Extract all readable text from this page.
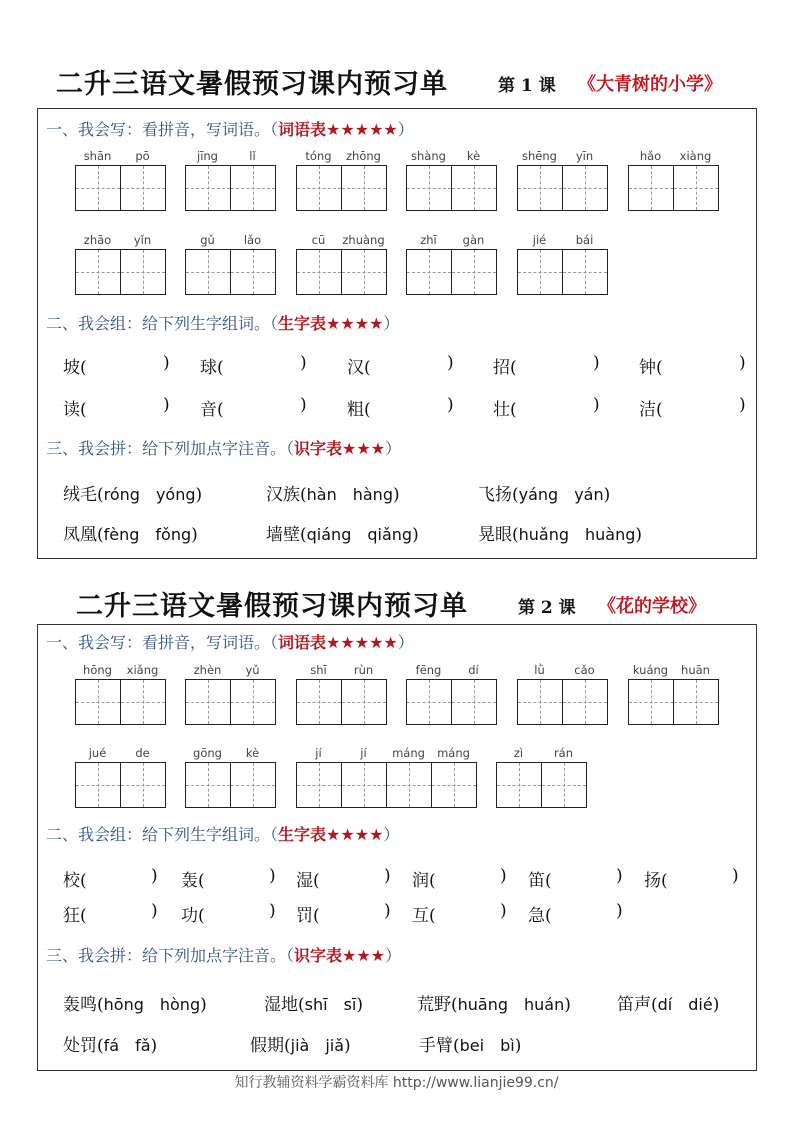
二升三语文暑假预习课内预习单	第 1 课 《大青树的小学》
一、我会写：看拼音，写词语。（词语表★★★★★）
shān	pō	jīng	lǐ	tóng	zhōng	shàng	kè	shēng	yīn	hǎo	xiàng
zhāo	yǐn	gǔ	lǎo	cū	zhuàng	zhī	gàn	jié	bái
二、我会组：给下列生字组词。（生字表★★★★）
坡(	) 球(	) 汉(	) 招(	) 钟(	)
读(	) 音(	) 粗(	) 壮(	) 洁(	)
三、我会拼：给下列加点字注音。（识字表★★★）
绒毛(róng　yóng)	汉族(hàn　hàng)	飞扬(yáng　yán)
凤凰(fèng　fǒng)	墙壁(qiáng　qiǎng)	晃眼(huǎng　huàng)
二升三语文暑假预习课内预习单	第 2 课 《花的学校》
一、我会写：看拼音，写词语。（词语表★★★★★）
hōng	xiǎng	zhèn	yǔ	shī	rùn	fēng	dí	lǜ	cǎo	kuáng	huān
jué	de	gōng	kè	jí	jí	máng	máng	zì	rán
二、我会组：给下列生字组词。（生字表★★★★）
校(	) 轰(	) 湿(	) 润(	) 笛(	) 扬(	)
狂(	) 功(	) 罚(	) 互(	) 急(	)
三、我会拼：给下列加点字注音。（识字表★★★）
轰鸣(hōng　hòng)	湿地(shī　sī)	荒野(huāng　huán)	笛声(dí　dié)
处罚(fá　fǎ)	假期(jià　jiǎ)	手臂(bei　bì)
知行教辅资料学霸资料库 http://www.lianjie99.cn/
